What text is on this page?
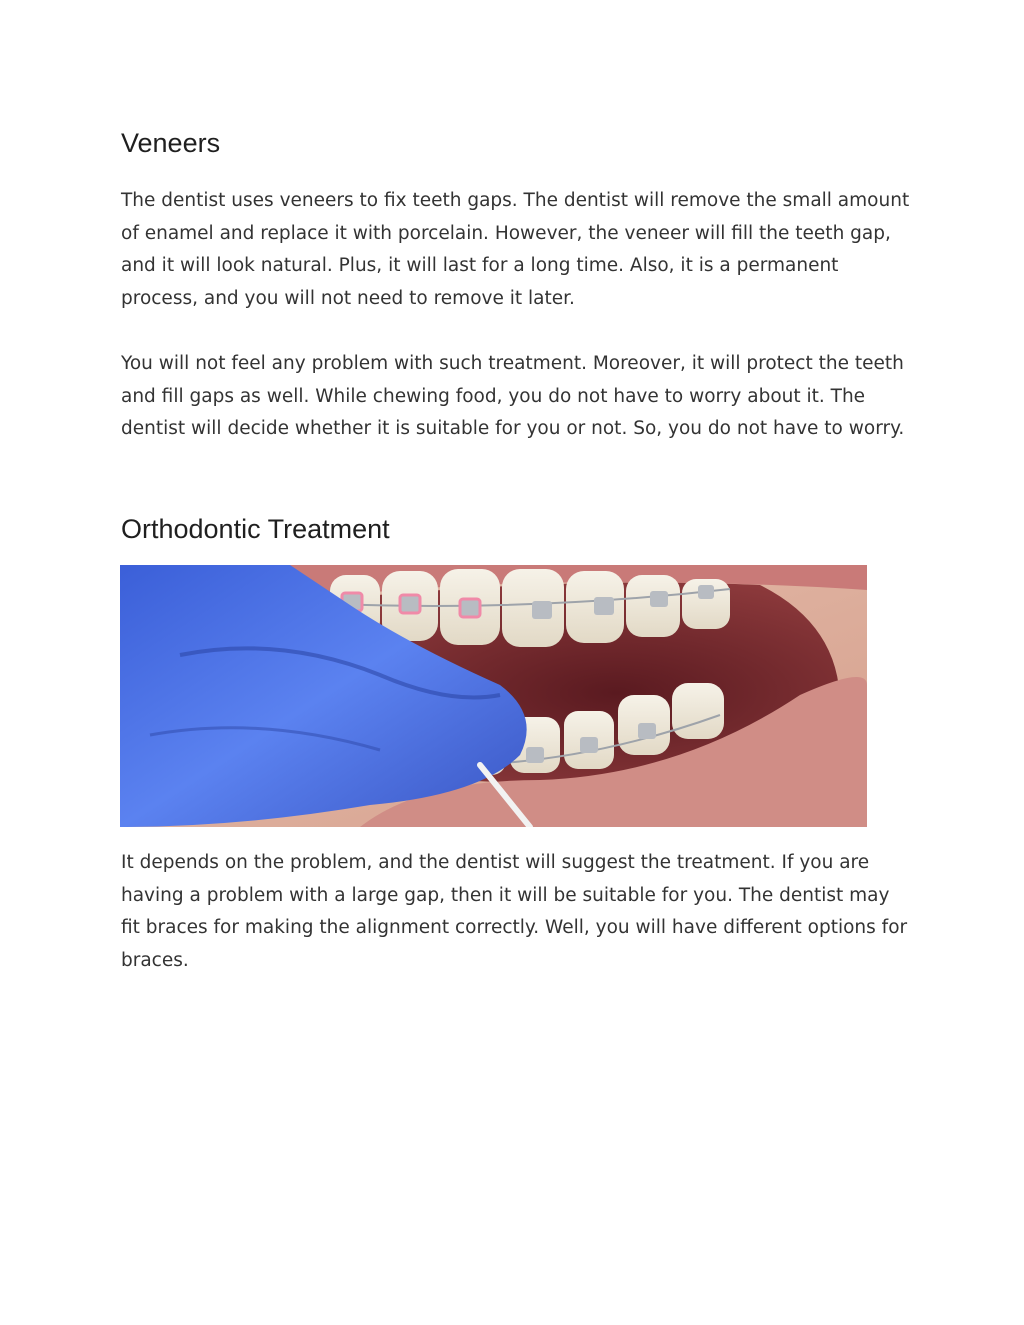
Veneers

The dentist uses veneers to fix teeth gaps. The dentist will remove the small amount of enamel and replace it with porcelain. However, the veneer will fill the teeth gap, and it will look natural. Plus, it will last for a long time. Also, it is a permanent process, and you will not need to remove it later.

You will not feel any problem with such treatment. Moreover, it will protect the teeth and fill gaps as well. While chewing food, you do not have to worry about it. The dentist will decide whether it is suitable for you or not. So, you do not have to worry.

Orthodontic Treatment

It depends on the problem, and the dentist will suggest the treatment. If you are having a problem with a large gap, then it will be suitable for you. The dentist may fit braces for making the alignment correctly. Well, you will have different options for braces.
